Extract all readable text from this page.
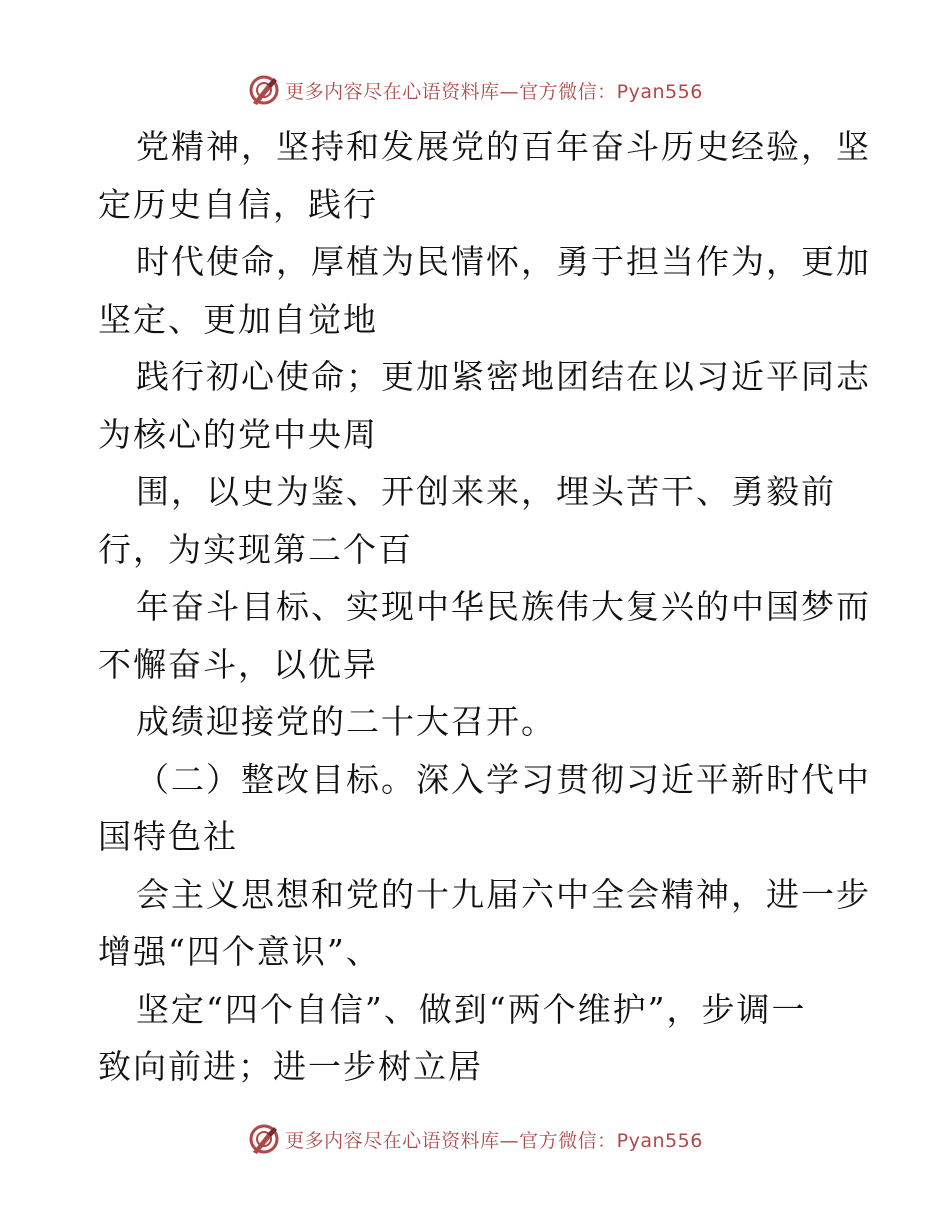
更多内容尽在心语资料库—官方微信：Pyan556
党精神，坚持和发展党的百年奋斗历史经验，坚
定历史自信，践行
时代使命，厚植为民情怀，勇于担当作为，更加
坚定、更加自觉地
践行初心使命；更加紧密地团结在以习近平同志
为核心的党中央周
围，以史为鉴、开创来来，埋头苦干、勇毅前
行，为实现第二个百
年奋斗目标、实现中华民族伟大复兴的中国梦而
不懈奋斗，以优异
成绩迎接党的二十大召开。
（二）整改目标。深入学习贯彻习近平新时代中
国特色社
会主义思想和党的十九届六中全会精神，进一步
增强“四个意识”、
坚定“四个自信”、做到“两个维护”，步调一
致向前进；进一步树立居
更多内容尽在心语资料库—官方微信：Pyan556
